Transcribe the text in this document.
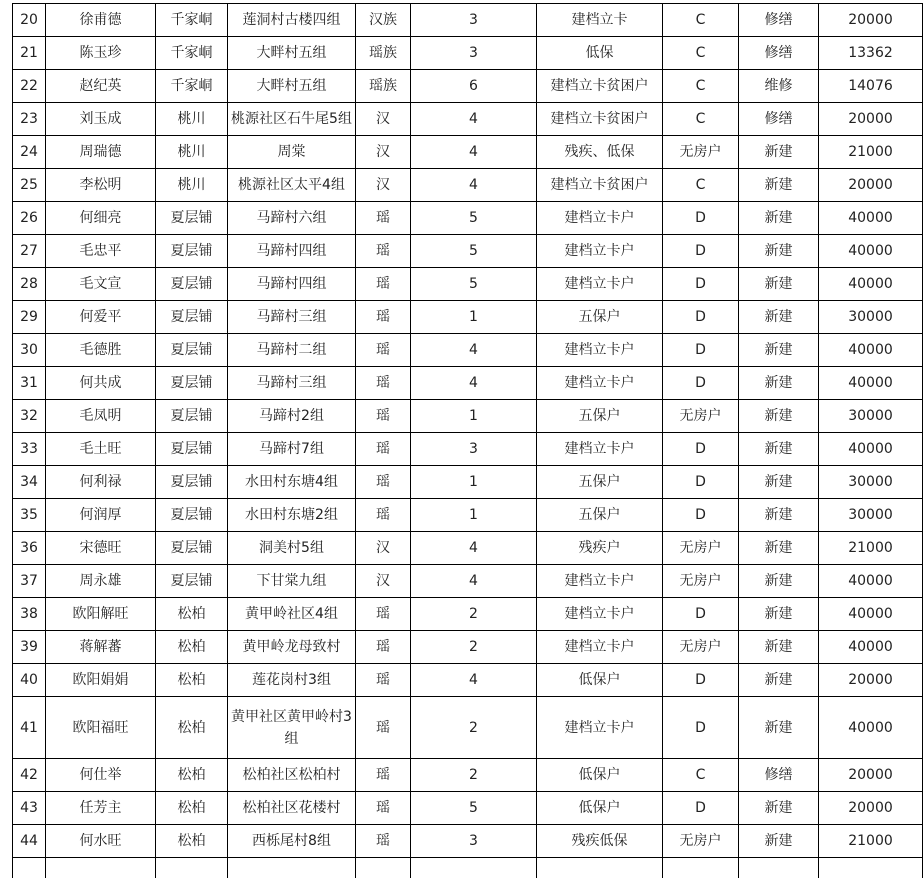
20	徐甫德	千家峒	莲洞村古楼四组	汉族	3	建档立卡	C	修缮	20000
21	陈玉珍	千家峒	大畔村五组	瑶族	3	低保	C	修缮	13362
22	赵纪英	千家峒	大畔村五组	瑶族	6	建档立卡贫困户	C	维修	14076
23	刘玉成	桃川	桃源社区石牛尾5组	汉	4	建档立卡贫困户	C	修缮	20000
24	周瑞德	桃川	周棠	汉	4	残疾、低保	无房户	新建	21000
25	李松明	桃川	桃源社区太平4组	汉	4	建档立卡贫困户	C	新建	20000
26	何细亮	夏层铺	马蹄村六组	瑶	5	建档立卡户	D	新建	40000
27	毛忠平	夏层铺	马蹄村四组	瑶	5	建档立卡户	D	新建	40000
28	毛文宣	夏层铺	马蹄村四组	瑶	5	建档立卡户	D	新建	40000
29	何爱平	夏层铺	马蹄村三组	瑶	1	五保户	D	新建	30000
30	毛德胜	夏层铺	马蹄村二组	瑶	4	建档立卡户	D	新建	40000
31	何共成	夏层铺	马蹄村三组	瑶	4	建档立卡户	D	新建	40000
32	毛凤明	夏层铺	马蹄村2组	瑶	1	五保户	无房户	新建	30000
33	毛土旺	夏层铺	马蹄村7组	瑶	3	建档立卡户	D	新建	40000
34	何利禄	夏层铺	水田村东塘4组	瑶	1	五保户	D	新建	30000
35	何润厚	夏层铺	水田村东塘2组	瑶	1	五保户	D	新建	30000
36	宋德旺	夏层铺	洞美村5组	汉	4	残疾户	无房户	新建	21000
37	周永雄	夏层铺	下甘棠九组	汉	4	建档立卡户	无房户	新建	40000
38	欧阳解旺	松柏	黄甲岭社区4组	瑶	2	建档立卡户	D	新建	40000
39	蒋解蕃	松柏	黄甲岭龙母致村	瑶	2	建档立卡户	无房户	新建	40000
40	欧阳娟娟	松柏	莲花岗村3组	瑶	4	低保户	D	新建	20000
41	欧阳福旺	松柏	黄甲社区黄甲岭村3组	瑶	2	建档立卡户	D	新建	40000
42	何仕举	松柏	松柏社区松柏村	瑶	2	低保户	C	修缮	20000
43	任芳主	松柏	松柏社区花楼村	瑶	5	低保户	D	新建	20000
44	何水旺	松柏	西栎尾村8组	瑶	3	残疾低保	无房户	新建	21000
